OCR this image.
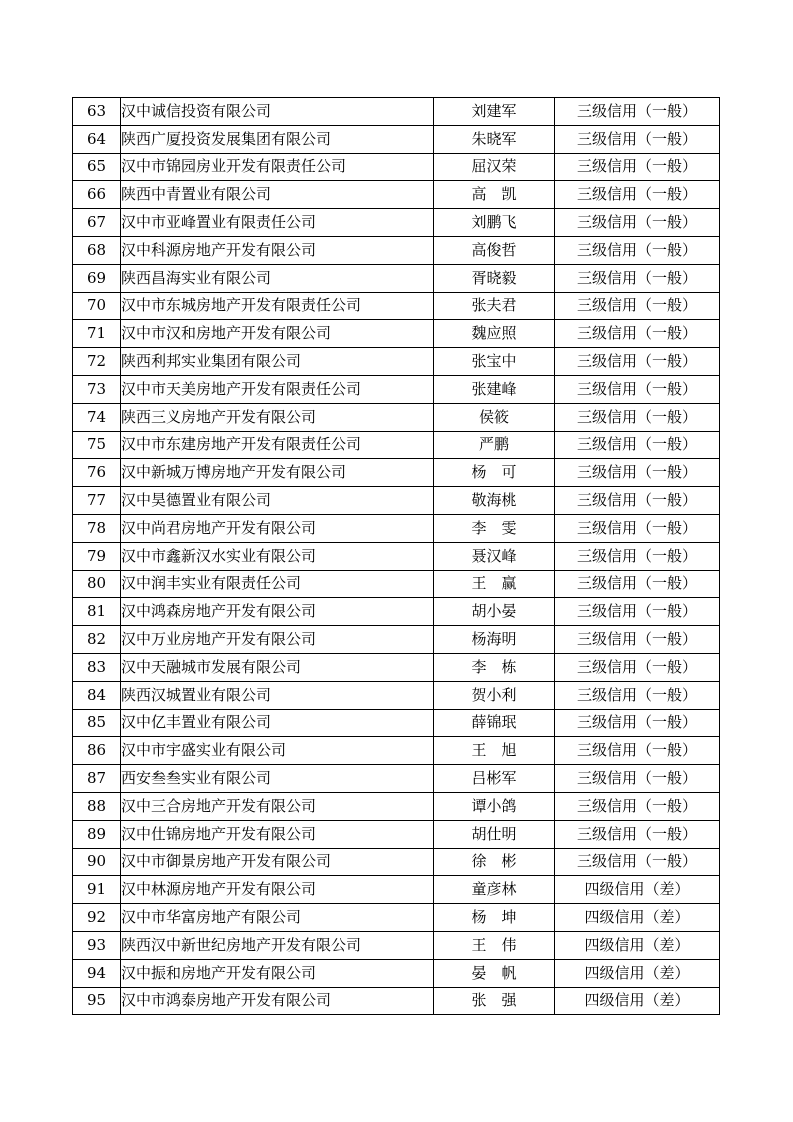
63	汉中诚信投资有限公司	刘建军	三级信用（一般）
64	陕西广厦投资发展集团有限公司	朱晓军	三级信用（一般）
65	汉中市锦园房业开发有限责任公司	屈汉荣	三级信用（一般）
66	陕西中青置业有限公司	高　凯	三级信用（一般）
67	汉中市亚峰置业有限责任公司	刘鹏飞	三级信用（一般）
68	汉中科源房地产开发有限公司	高俊哲	三级信用（一般）
69	陕西昌海实业有限公司	胥晓毅	三级信用（一般）
70	汉中市东城房地产开发有限责任公司	张夫君	三级信用（一般）
71	汉中市汉和房地产开发有限公司	魏应照	三级信用（一般）
72	陕西利邦实业集团有限公司	张宝中	三级信用（一般）
73	汉中市天美房地产开发有限责任公司	张建峰	三级信用（一般）
74	陕西三义房地产开发有限公司	侯筱	三级信用（一般）
75	汉中市东建房地产开发有限责任公司	严鹏	三级信用（一般）
76	汉中新城万博房地产开发有限公司	杨　可	三级信用（一般）
77	汉中昊德置业有限公司	敬海桃	三级信用（一般）
78	汉中尚君房地产开发有限公司	李　雯	三级信用（一般）
79	汉中市鑫新汉水实业有限公司	聂汉峰	三级信用（一般）
80	汉中润丰实业有限责任公司	王　赢	三级信用（一般）
81	汉中鸿森房地产开发有限公司	胡小晏	三级信用（一般）
82	汉中万业房地产开发有限公司	杨海明	三级信用（一般）
83	汉中天融城市发展有限公司	李　栋	三级信用（一般）
84	陕西汉城置业有限公司	贺小利	三级信用（一般）
85	汉中亿丰置业有限公司	薛锦珉	三级信用（一般）
86	汉中市宇盛实业有限公司	王　旭	三级信用（一般）
87	西安叁叁实业有限公司	吕彬军	三级信用（一般）
88	汉中三合房地产开发有限公司	谭小鸽	三级信用（一般）
89	汉中仕锦房地产开发有限公司	胡仕明	三级信用（一般）
90	汉中市御景房地产开发有限公司	徐　彬	三级信用（一般）
91	汉中林源房地产开发有限公司	童彦林	四级信用（差）
92	汉中市华富房地产有限公司	杨　坤	四级信用（差）
93	陕西汉中新世纪房地产开发有限公司	王　伟	四级信用（差）
94	汉中振和房地产开发有限公司	晏　帆	四级信用（差）
95	汉中市鸿泰房地产开发有限公司	张　强	四级信用（差）
